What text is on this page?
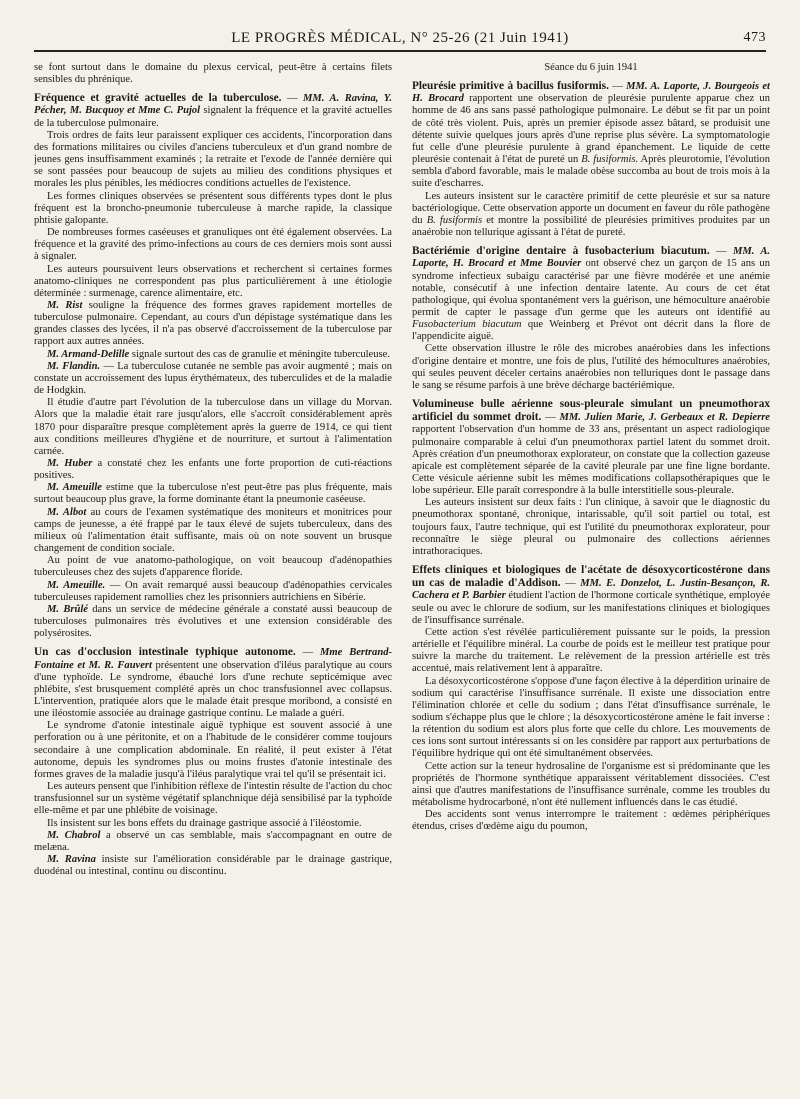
LE PROGRÈS MÉDICAL, N° 25-26 (21 Juin 1941)	473

se font surtout dans le domaine du plexus cervical, peut-être à certains filets sensibles du phrénique.

Fréquence et gravité actuelles de la tuberculose. — MM. A. Ravina, Y. Pécher, M. Bucquoy et Mme C. Pujol signalent la fréquence et la gravité actuelles de la tuberculose pulmonaire.

Trois ordres de faits leur paraissent expliquer ces accidents, l'incorporation dans des formations militaires ou civiles d'anciens tuberculeux et d'un grand nombre de jeunes gens insuffisamment examinés ; la retraite et l'exode de l'année dernière qui se sont passées pour beaucoup de sujets au milieu des conditions physiques et morales les plus pénibles, les médiocres conditions actuelles de l'existence.

Les formes cliniques observées se présentent sous différents types dont le plus fréquent est la broncho-pneumonie tuberculeuse à marche rapide, la classique phtisie galopante.

De nombreuses formes caséeuses et granuliques ont été également observées. La fréquence et la gravité des primo-infections au cours de ces derniers mois sont aussi à signaler.

Les auteurs poursuivent leurs observations et recherchent si certaines formes anatomo-cliniques ne correspondent pas plus particulièrement à une étiologie déterminée : surmenage, carence alimentaire, etc.

M. Rist souligne la fréquence des formes graves rapidement mortelles de tuberculose pulmonaire. Cependant, au cours d'un dépistage systématique dans les grandes classes des lycées, il n'a pas observé d'accroissement de la tuberculose par rapport aux autres années.

M. Armand-Delille signale surtout des cas de granulie et méningite tuberculeuse.

M. Flandin. — La tuberculose cutanée ne semble pas avoir augmenté ; mais on constate un accroissement des lupus érythémateux, des tuberculides et de la maladie de Hodgkin.

Il étudie d'autre part l'évolution de la tuberculose dans un village du Morvan. Alors que la maladie était rare jusqu'alors, elle s'accroît considérablement après 1870 pour disparaître presque complètement après la guerre de 1914, ce qui tient aux conditions meilleures d'hygiène et de nourriture, et surtout à l'alimentation carnée.

M. Huber a constaté chez les enfants une forte proportion de cuti-réactions positives.

M. Ameuille estime que la tuberculose n'est peut-être pas plus fréquente, mais surtout beaucoup plus grave, la forme dominante étant la pneumonie caséeuse.

M. Albot au cours de l'examen systématique des moniteurs et monitrices pour camps de jeunesse, a été frappé par le taux élevé de sujets tuberculeux, dans des milieux où l'alimentation était suffisante, mais où on note souvent un brusque changement de condition sociale.

Au point de vue anatomo-pathologique, on voit beaucoup d'adénopathies tuberculeuses chez des sujets d'apparence floride.

M. Ameuille. — On avait remarqué aussi beaucoup d'adénopathies cervicales tuberculeuses rapidement ramollies chez les prisonniers autrichiens en Sibérie.

M. Brûlé dans un service de médecine générale a constaté aussi beaucoup de tuberculoses pulmonaires très évolutives et une extension considérable des polysérosites.

Un cas d'occlusion intestinale typhique autonome. — Mme Bertrand-Fontaine et M. R. Fauvert présentent une observation d'iléus paralytique au cours d'une typhoïde. Le syndrome, ébauché lors d'une rechute septicémique avec phlébite, s'est brusquement complété après un choc transfusionnel avec collapsus. L'intervention, pratiquée alors que le malade était presque moribond, a consisté en une iléostomie associée au drainage gastrique continu. Le malade a guéri.

Le syndrome d'atonie intestinale aiguë typhique est souvent associé à une perforation ou à une péritonite, et on a l'habitude de le considérer comme toujours secondaire à une complication abdominale. En réalité, il peut exister à l'état autonome, depuis les syndromes plus ou moins frustes d'atonie intestinale des formes graves de la maladie jusqu'à l'iléus paralytique vrai tel qu'il se présentait ici.

Les auteurs pensent que l'inhibition réflexe de l'intestin résulte de l'action du choc transfusionnel sur un système végétatif splanchnique déjà sensibilisé par la typhoïde elle-même et par une phlébite de voisinage.

Ils insistent sur les bons effets du drainage gastrique associé à l'iléostomie.

M. Chabrol a observé un cas semblable, mais s'accompagnant en outre de melæna.

M. Ravina insiste sur l'amélioration considérable par le drainage gastrique, duodénal ou intestinal, continu ou discontinu.

Séance du 6 juin 1941

Pleurésie primitive à bacillus fusiformis. — MM. A. Laporte, J. Bourgeois et H. Brocard rapportent une observation de pleurésie purulente apparue chez un homme de 46 ans sans passé pathologique pulmonaire. Le début se fit par un point de côté très violent. Puis, après un premier épisode assez bâtard, se produisit une détente suivie quelques jours après d'une reprise plus sévère. La symptomatologie fut celle d'une pleurésie purulente à grand épanchement. Le liquide de cette pleurésie contenait à l'état de pureté un B. fusiformis. Après pleurotomie, l'évolution sembla d'abord favorable, mais le malade obèse succomba au bout de trois mois à la suite d'escharres.

Les auteurs insistent sur le caractère primitif de cette pleurésie et sur sa nature bactériologique. Cette observation apporte un document en faveur du rôle pathogène du B. fusiformis et montre la possibilité de pleurésies primitives produites par un anaérobie non tellurique agissant à l'état de pureté.

Bactériémie d'origine dentaire à fusobacterium biacutum. — MM. A. Laporte, H. Brocard et Mme Bouvier ont observé chez un garçon de 15 ans un syndrome infectieux subaigu caractérisé par une fièvre modérée et une anémie notable, consécutif à une infection dentaire latente. Au cours de cet état pathologique, qui évolua spontanément vers la guérison, une hémoculture anaérobie permit de capter le passage d'un germe que les auteurs ont identifié au Fusobacterium biacutum que Weinberg et Prévot ont décrit dans la flore de l'appendicite aiguë.

Cette observation illustre le rôle des microbes anaérobies dans les infections d'origine dentaire et montre, une fois de plus, l'utilité des hémocultures anaérobies, qui seules peuvent déceler certains anaérobies non telluriques dont le passage dans le sang se résume parfois à une brève décharge bactériémique.

Volumineuse bulle aérienne sous-pleurale simulant un pneumothorax artificiel du sommet droit. — MM. Julien Marie, J. Gerbeaux et R. Depierre rapportent l'observation d'un homme de 33 ans, présentant un aspect radiologique pulmonaire comparable à celui d'un pneumothorax partiel latent du sommet droit. Après création d'un pneumothorax explorateur, on constate que la collection gazeuse apicale est complètement séparée de la cavité pleurale par une fine ligne bordante. Cette vésicule aérienne subit les mêmes modifications collapsothérapiques que le lobe supérieur. Elle paraît correspondre à la bulle interstitielle sous-pleurale.

Les auteurs insistent sur deux faits : l'un clinique, à savoir que le diagnostic du pneumothorax spontané, chronique, intarissable, qu'il soit partiel ou total, est toujours faux, l'autre technique, qui est l'utilité du pneumothorax explorateur, pour reconnaître le siège pleural ou pulmonaire des collections aériennes intrathoraciques.

Effets cliniques et biologiques de l'acétate de désoxycorticostérone dans un cas de maladie d'Addison. — MM. E. Donzelot, L. Justin-Besançon, R. Cachera et P. Barbier étudient l'action de l'hormone corticale synthétique, employée seule ou avec le chlorure de sodium, sur les manifestations cliniques et biologiques de l'insuffisance surrénale.

Cette action s'est révélée particulièrement puissante sur le poids, la pression artérielle et l'équilibre minéral. La courbe de poids est le meilleur test pratique pour suivre la marche du traitement. Le relèvement de la pression artérielle est très accentué, mais relativement lent à apparaître.

La désoxycorticostérone s'oppose d'une façon élective à la déperdition urinaire de sodium qui caractérise l'insuffisance surrénale. Il existe une dissociation entre l'élimination chlorée et celle du sodium ; dans l'état d'insuffisance surrénale, le sodium s'échappe plus que le chlore ; la désoxycorticostérone amène le fait inverse : la rétention du sodium est alors plus forte que celle du chlore. Les mouvements de ces ions sont surtout intéressants si on les considère par rapport aux perturbations de l'équilibre hydrique qui ont été simultanément observées.

Cette action sur la teneur hydrosaline de l'organisme est si prédominante que les propriétés de l'hormone synthétique apparaissent véritablement dissociées. C'est ainsi que d'autres manifestations de l'insuffisance surrénale, comme les troubles du métabolisme hydrocarboné, n'ont été nullement influencés dans le cas étudié.

Des accidents sont venus interrompre le traitement : œdèmes périphériques étendus, crises d'œdème aigu du poumon,
